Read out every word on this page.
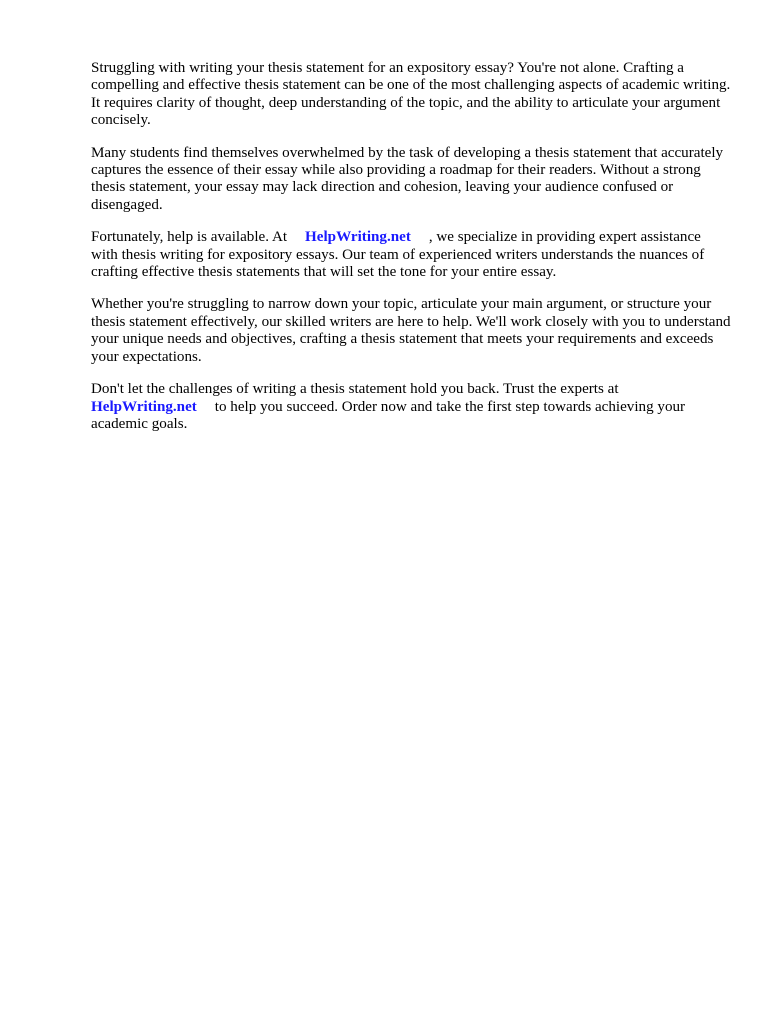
Struggling with writing your thesis statement for an expository essay? You're not alone. Crafting a compelling and effective thesis statement can be one of the most challenging aspects of academic writing. It requires clarity of thought, deep understanding of the topic, and the ability to articulate your argument concisely.

Many students find themselves overwhelmed by the task of developing a thesis statement that accurately captures the essence of their essay while also providing a roadmap for their readers. Without a strong thesis statement, your essay may lack direction and cohesion, leaving your audience confused or disengaged.

Fortunately, help is available. At HelpWriting.net , we specialize in providing expert assistance with thesis writing for expository essays. Our team of experienced writers understands the nuances of crafting effective thesis statements that will set the tone for your entire essay.

Whether you're struggling to narrow down your topic, articulate your main argument, or structure your thesis statement effectively, our skilled writers are here to help. We'll work closely with you to understand your unique needs and objectives, crafting a thesis statement that meets your requirements and exceeds your expectations.

Don't let the challenges of writing a thesis statement hold you back. Trust the experts at
HelpWriting.net to help you succeed. Order now and take the first step towards achieving your academic goals.
